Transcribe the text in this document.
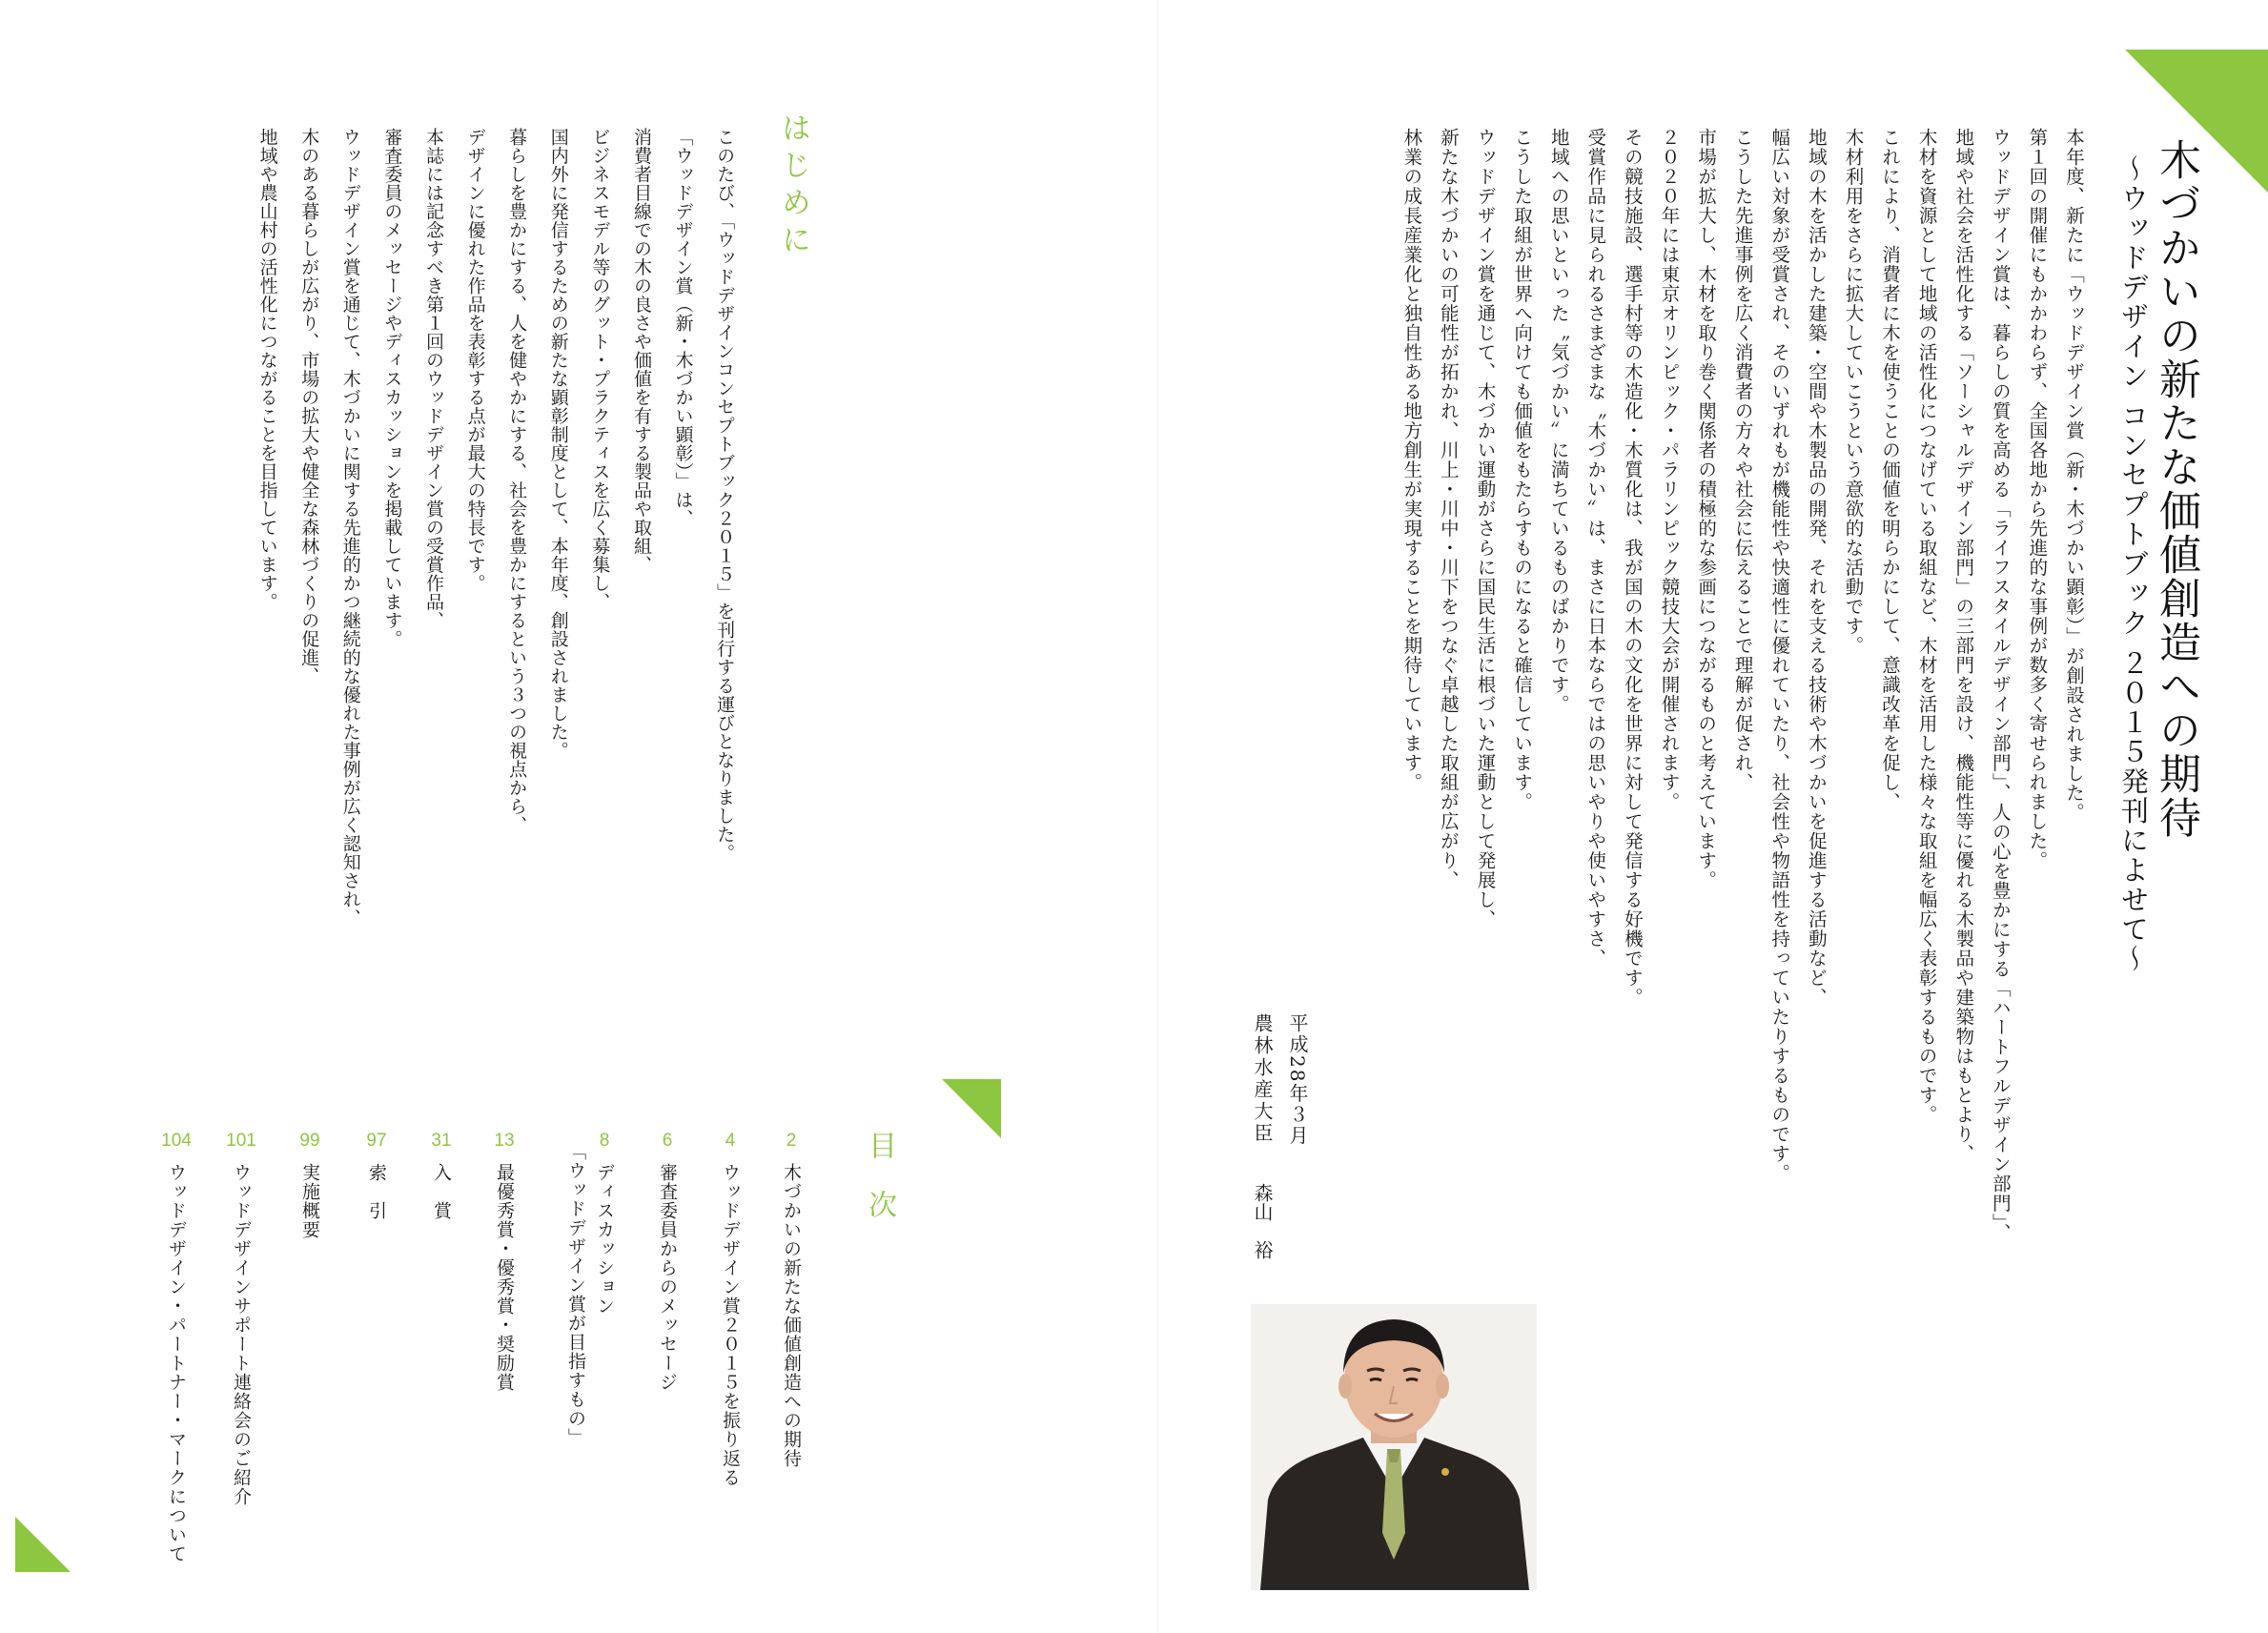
木づかいの新たな価値創造への期待
～ウッドデザイン コンセプトブック ２０１５発刊によせて～

本年度、新たに「ウッドデザイン賞（新・木づかい顕彰）」が創設されました。

第１回の開催にもかかわらず、全国各地から先進的な事例が数多く寄せられました。

ウッドデザイン賞は、暮らしの質を高める「ライフスタイルデザイン部門」、人の心を豊かにする「ハートフルデザイン部門」、

地域や社会を活性化する「ソーシャルデザイン部門」の三部門を設け、機能性等に優れる木製品や建築物はもとより、

木材を資源として地域の活性化につなげている取組など、木材を活用した様々な取組を幅広く表彰するものです。

これにより、消費者に木を使うことの価値を明らかにして、意識改革を促し、

木材利用をさらに拡大していこうという意欲的な活動です。

地域の木を活かした建築・空間や木製品の開発、それを支える技術や木づかいを促進する活動など、

幅広い対象が受賞され、そのいずれもが機能性や快適性に優れていたり、社会性や物語性を持っていたりするものです。

こうした先進事例を広く消費者の方々や社会に伝えることで理解が促され、

市場が拡大し、木材を取り巻く関係者の積極的な参画につながるものと考えています。

２０２０年には東京オリンピック・パラリンピック競技大会が開催されます。

その競技施設、選手村等の木造化・木質化は、我が国の木の文化を世界に対して発信する好機です。

受賞作品に見られるさまざまな〝木づかい〟は、まさに日本ならではの思いやりや使いやすさ、

地域への思いといった〝気づかい〟に満ちているものばかりです。

こうした取組が世界へ向けても価値をもたらすものになると確信しています。

ウッドデザイン賞を通じて、木づかい運動がさらに国民生活に根づいた運動として発展し、

新たな木づかいの可能性が拓かれ、川上・川中・川下をつなぐ卓越した取組が広がり、

林業の成長産業化と独自性ある地方創生が実現することを期待しています。

平成28年３月
農林水産大臣森山　裕
はじめに

このたび、「ウッドデザインコンセプトブック２０１５」を刊行する運びとなりました。

「ウッドデザイン賞（新・木づかい顕彰）」は、

消費者目線での木の良さや価値を有する製品や取組、

ビジネスモデル等のグット・プラクティスを広く募集し、

国内外に発信するための新たな顕彰制度として、本年度、創設されました。

暮らしを豊かにする、人を健やかにする、社会を豊かにするという３つの視点から、

デザインに優れた作品を表彰する点が最大の特長です。

本誌には記念すべき第１回のウッドデザイン賞の受賞作品、

審査委員のメッセージやディスカッションを掲載しています。

ウッドデザイン賞を通じて、木づかいに関する先進的かつ継続的な優れた事例が広く認知され、

木のある暮らしが広がり、市場の拡大や健全な森林づくりの促進、

地域や農山村の活性化につながることを目指しています。

目次
2
木づかいの新たな価値創造への期待
4
ウッドデザイン賞２０１５を振り返る
6
審査委員からのメッセージ
8
ディスカッション
「ウッドデザイン賞が目指すもの」
13
最優秀賞・優秀賞・奨励賞
31
入　賞
97
索　引
99
実施概要
101
ウッドデザインサポート連絡会のご紹介
104
ウッドデザイン・パートナー・マークについて
